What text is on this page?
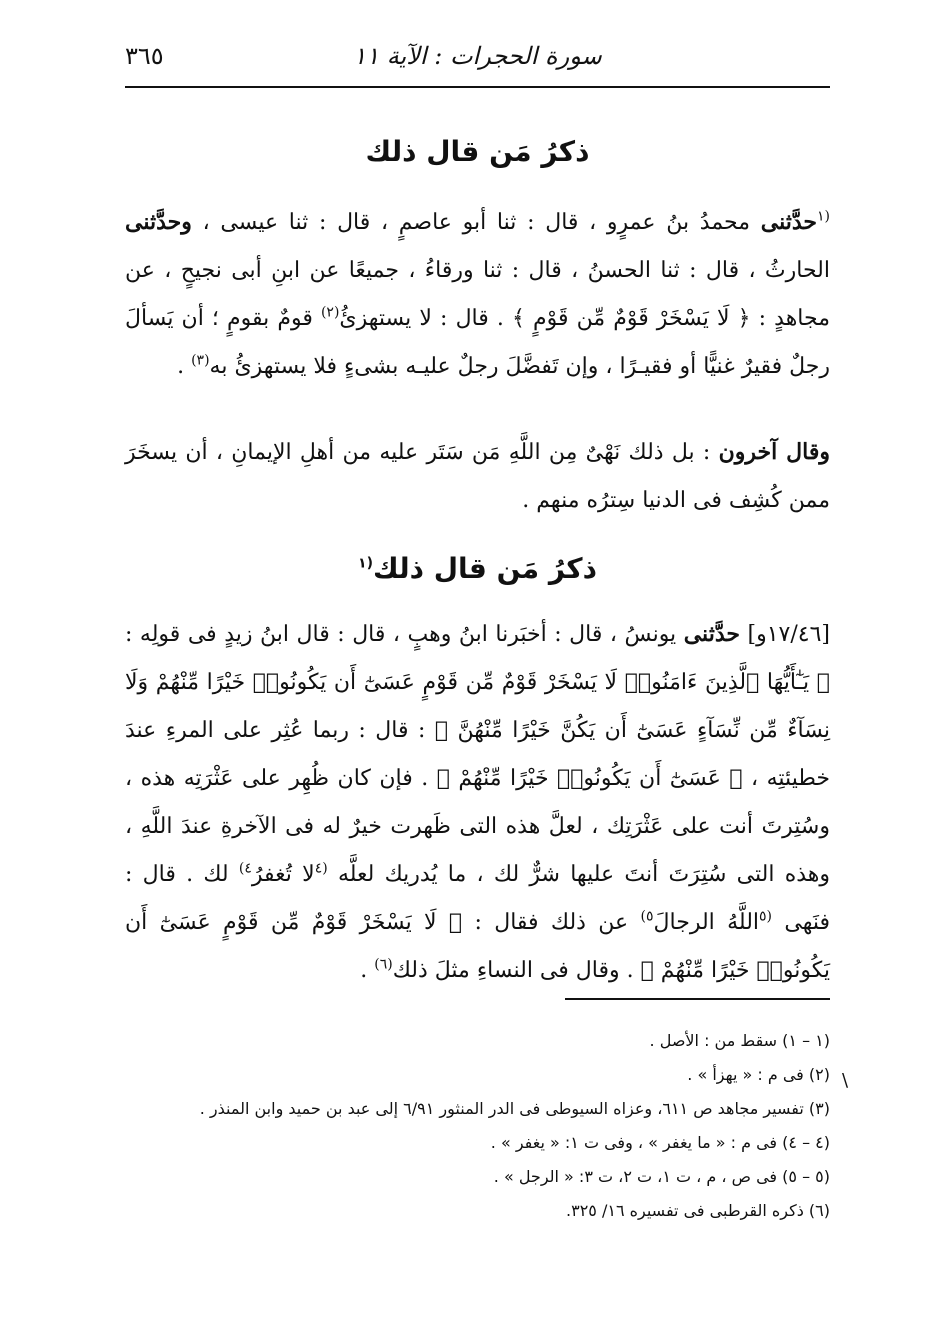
سورة الحجرات : الآية ١١
٣٦٥
ذكرُ مَن قال ذلك
$^{(١}$حدَّثنى محمدُ بنُ عمرٍو ، قال : ثنا أبو عاصمٍ ، قال : ثنا عيسى ، وحدَّثنى الحارثُ ، قال : ثنا الحسنُ ، قال : ثنا ورقاءُ ، جميعًا عن ابنِ أبى نجيحٍ ، عن مجاهدٍ : ﴿ لَا يَسْخَرْ قَوْمٌ مِّن قَوْمٍ ﴾ . قال : لا يستهزئُ$^{(٢)}$ قومٌ بقومٍ ؛ أن يَسألَ رجلٌ فقيرٌ غنيًّا أو فقيـرًا ، وإن تَفضَّلَ رجلٌ عليـه بشىءٍ فلا يستهزئُ به$^{(٣)}$ .
وقال آخرون : بل ذلك نَهْىٌ مِن اللَّهِ مَن سَتَر عليه من أهلِ الإيمانِ ، أن يسخَرَ ممن كُشِف فى الدنيا سِترُه منهم .
ذكرُ مَن قال ذلك$^{(١}$
[١٧/٤٦و] حدَّثنى يونسُ ، قال : أخبَرنا ابنُ وهبٍ ، قال : قال ابنُ زيدٍ فى قولِه : ﴿ يَـٰٓأَيُّهَا ٱلَّذِينَ ءَامَنُوا۟ لَا يَسْخَرْ قَوْمٌ مِّن قَوْمٍ عَسَىٰٓ أَن يَكُونُوا۟ خَيْرًا مِّنْهُمْ وَلَا نِسَآءٌ مِّن نِّسَآءٍ عَسَىٰٓ أَن يَكُنَّ خَيْرًا مِّنْهُنَّ ﴾ : قال : ربما عُثِر على المرءِ عندَ خطيئتِه ، ﴿ عَسَىٰٓ أَن يَكُونُوا۟ خَيْرًا مِّنْهُمْ ﴾ . فإن كان ظُهِر على عَثْرَتِه هذه ، وسُتِرتَ أنت على عَثْرَتِك ، لعلَّ هذه التى ظَهرت خيرٌ له فى الآخرةِ عندَ اللَّهِ ، وهذه التى سُتِرَتَ أنتَ عليها شرٌّ لك ، ما يُدريك لعلَّه $^{(٤}$لا تُغفرُ$^{٤)}$ لك . قال : فنَهى $^{(٥}$اللَّهُ الرجالَ$^{٥)}$ عن ذلك فقال : ﴿ لَا يَسْخَرْ قَوْمٌ مِّن قَوْمٍ عَسَىٰٓ أَن يَكُونُوا۟ خَيْرًا مِّنْهُمْ ﴾ . وقال فى النساءِ مثلَ ذلك$^{(٦)}$ .
(١ – ١) سقط من : الأصل .
(٢) فى م : « يهزأ » .
(٣) تفسير مجاهد ص ٦١١، وعزاه السيوطى فى الدر المنثور ٦/٩١ إلى عبد بن حميد وابن المنذر .
(٤ – ٤) فى م : « ما يغفر » ، وفى ت ١: « يغفر » .
(٥ – ٥) فى ص ، م ، ت ١، ت ٢، ت ٣: « الرجل » .
(٦) ذكره القرطبى فى تفسيره ١٦/ ٣٢٥.
\
